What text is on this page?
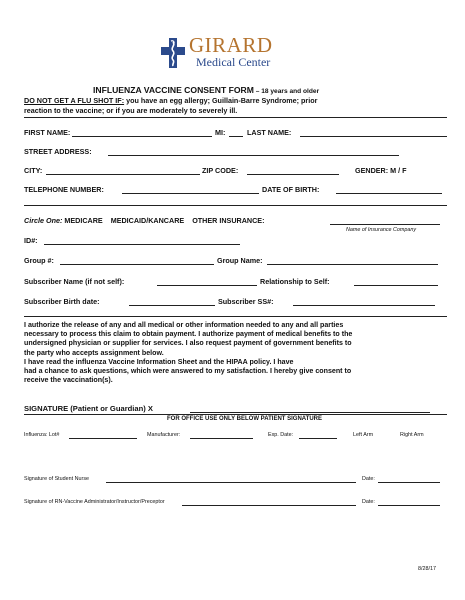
GIRARD
Medical Center
INFLUENZA VACCINE CONSENT FORM – 18 years and older
DO NOT GET A FLU SHOT IF: you have an egg allergy; Guillain-Barre Syndrome; prior
reaction to the vaccine; or if you are moderately to severely ill.
FIRST NAME:	MI:	LAST NAME:
STREET ADDRESS:
CITY:	ZIP CODE:	GENDER: M / F
TELEPHONE NUMBER:	DATE OF BIRTH:
Circle One: MEDICARE MEDICAID/KANCARE OTHER INSURANCE:
Name of Insurance Company
ID#:
Group #:	Group Name:
Subscriber Name (if not self):	Relationship to Self:
Subscriber Birth date:	Subscriber SS#:
I authorize the release of any and all medical or other information needed to any and all parties
necessary to process this claim to obtain payment. I authorize payment of medical benefits to the
undersigned physician or supplier for services. I also request payment of government benefits to
the party who accepts assignment below.
I have read the influenza Vaccine Information Sheet and the HIPAA policy. I have
had a chance to ask questions, which were answered to my satisfaction. I hereby give consent to
receive the vaccination(s).
SIGNATURE (Patient or Guardian) X
FOR OFFICE USE ONLY BELOW PATIENT SIGNATURE
Influenza: Lot#	Manufacturer:	Exp. Date:	Left Arm	Right Arm
Signature of Student Nurse	Date:
Signature of RN-Vaccine Administrator/Instructor/Preceptor	Date:
8/28/17
